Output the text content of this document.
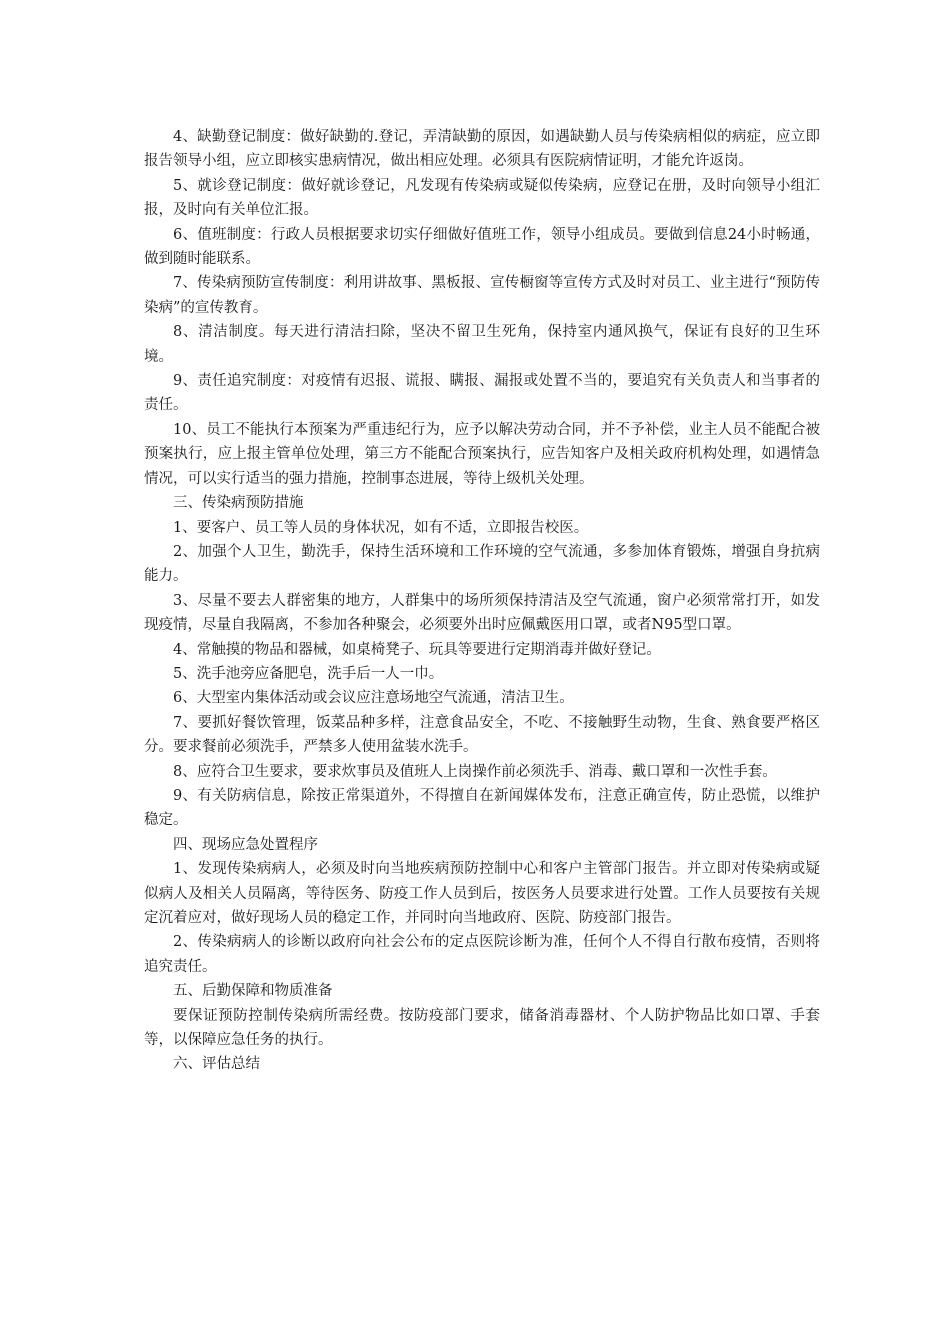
4、缺勤登记制度：做好缺勤的.登记，弄清缺勤的原因，如遇缺勤人员与传染病相似的病症，应立即报告领导小组，应立即核实患病情况，做出相应处理。必须具有医院病情证明，才能允许返岗。

5、就诊登记制度：做好就诊登记，凡发现有传染病或疑似传染病，应登记在册，及时向领导小组汇报，及时向有关单位汇报。

6、值班制度：行政人员根据要求切实仔细做好值班工作，领导小组成员。要做到信息24小时畅通，做到随时能联系。

7、传染病预防宣传制度：利用讲故事、黑板报、宣传橱窗等宣传方式及时对员工、业主进行“预防传染病”的宣传教育。

8、清洁制度。每天进行清洁扫除，坚决不留卫生死角，保持室内通风换气，保证有良好的卫生环境。

9、责任追究制度：对疫情有迟报、谎报、瞒报、漏报或处置不当的，要追究有关负责人和当事者的责任。

10、员工不能执行本预案为严重违纪行为，应予以解决劳动合同，并不予补偿，业主人员不能配合被预案执行，应上报主管单位处理，第三方不能配合预案执行，应告知客户及相关政府机构处理，如遇情急情况，可以实行适当的强力措施，控制事态进展，等待上级机关处理。

三、传染病预防措施

1、要客户、员工等人员的身体状况，如有不适，立即报告校医。

2、加强个人卫生，勤洗手，保持生活环境和工作环境的空气流通，多参加体育锻炼，增强自身抗病能力。

3、尽量不要去人群密集的地方，人群集中的场所须保持清洁及空气流通，窗户必须常常打开，如发现疫情，尽量自我隔离，不参加各种聚会，必须要外出时应佩戴医用口罩，或者N95型口罩。

4、常触摸的物品和器械，如桌椅凳子、玩具等要进行定期消毒并做好登记。

5、洗手池旁应备肥皂，洗手后一人一巾。

6、大型室内集体活动或会议应注意场地空气流通，清洁卫生。

7、要抓好餐饮管理，饭菜品种多样，注意食品安全，不吃、不接触野生动物，生食、熟食要严格区分。要求餐前必须洗手，严禁多人使用盆装水洗手。

8、应符合卫生要求，要求炊事员及值班人上岗操作前必须洗手、消毒、戴口罩和一次性手套。

9、有关防病信息，除按正常渠道外，不得擅自在新闻媒体发布，注意正确宣传，防止恐慌，以维护稳定。

四、现场应急处置程序

1、发现传染病病人，必须及时向当地疾病预防控制中心和客户主管部门报告。并立即对传染病或疑似病人及相关人员隔离，等待医务、防疫工作人员到后，按医务人员要求进行处置。工作人员要按有关规定沉着应对，做好现场人员的稳定工作，并同时向当地政府、医院、防疫部门报告。

2、传染病病人的诊断以政府向社会公布的定点医院诊断为准，任何个人不得自行散布疫情，否则将追究责任。

五、后勤保障和物质准备

要保证预防控制传染病所需经费。按防疫部门要求，储备消毒器材、个人防护物品比如口罩、手套等，以保障应急任务的执行。

六、评估总结
